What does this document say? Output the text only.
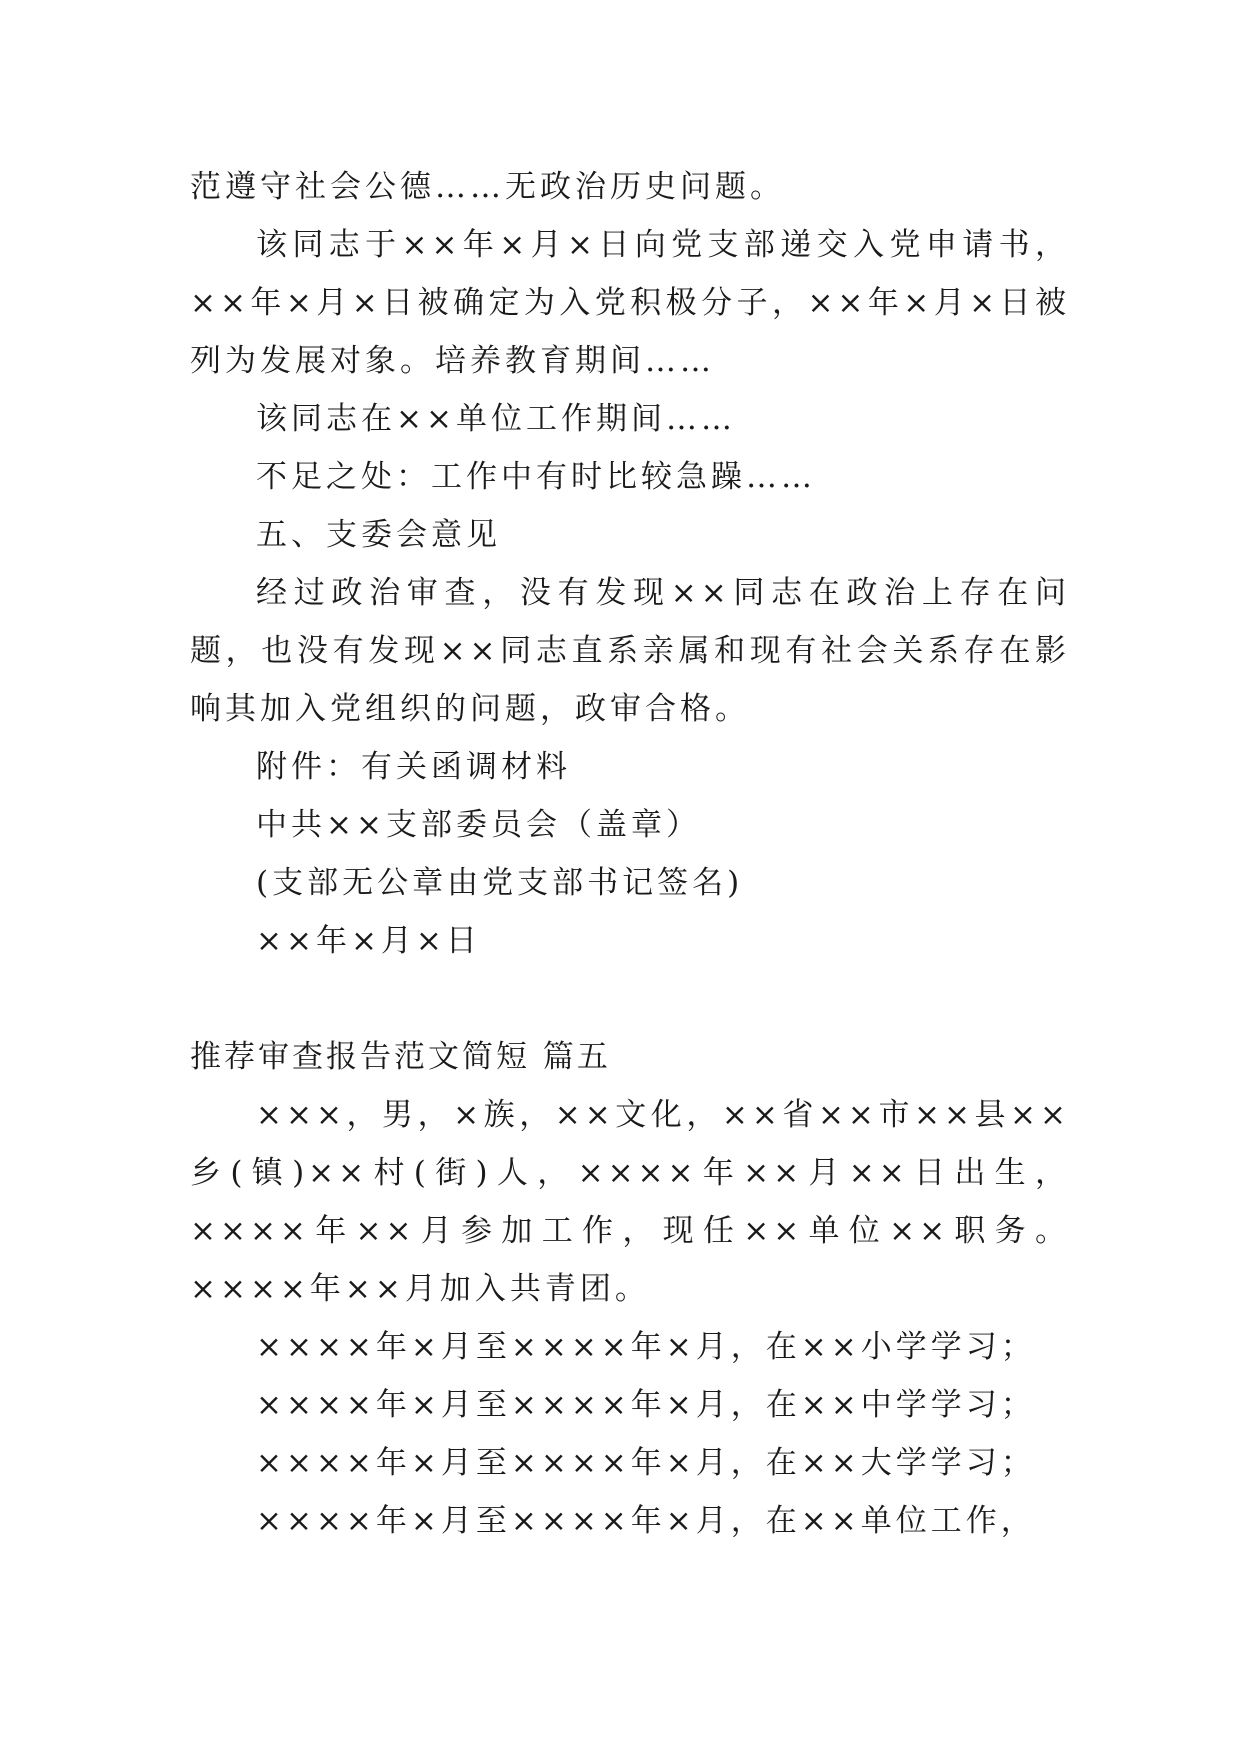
范遵守社会公德……无政治历史问题。

该同志于××年×月×日向党支部递交入党申请书，××年×月×日被确定为入党积极分子，××年×月×日被列为发展对象。培养教育期间……

该同志在××单位工作期间……

不足之处：工作中有时比较急躁……

五、支委会意见

经过政治审查，没有发现××同志在政治上存在问题，也没有发现××同志直系亲属和现有社会关系存在影响其加入党组织的问题，政审合格。

附件：有关函调材料

中共××支部委员会（盖章）

(支部无公章由党支部书记签名)

××年×月×日

推荐审查报告范文简短 篇五

×××，男，×族，××文化，××省××市××县××乡(镇)××村(街)人，××××年××月××日出生，××××年××月参加工作，现任××单位××职务。××××年××月加入共青团。

××××年×月至××××年×月，在××小学学习；

××××年×月至××××年×月，在××中学学习；

××××年×月至××××年×月，在××大学学习；

××××年×月至××××年×月，在××单位工作，
